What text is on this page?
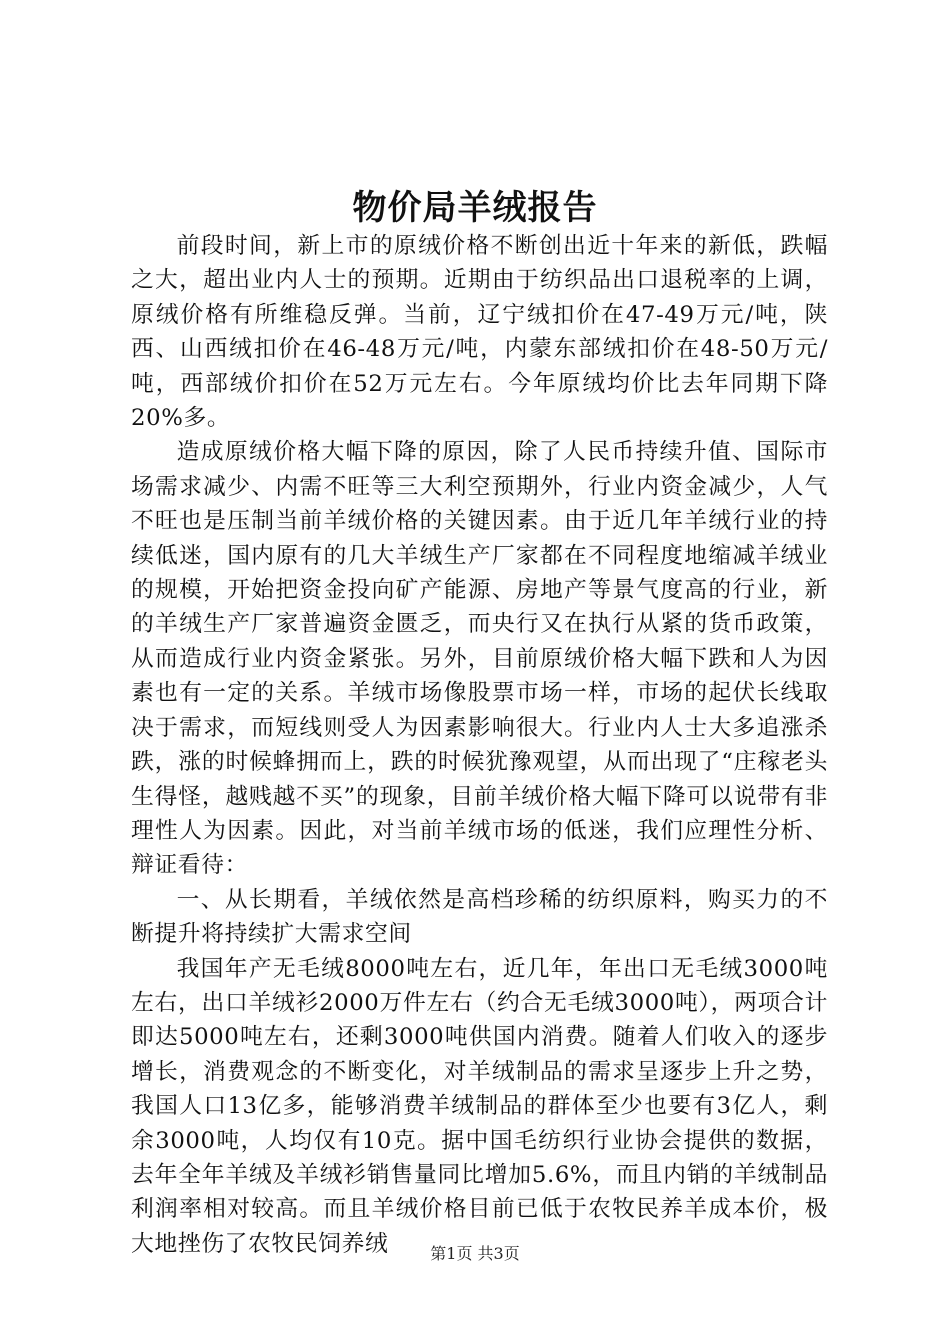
物价局羊绒报告

前段时间，新上市的原绒价格不断创出近十年来的新低，跌幅之大，超出业内人士的预期。近期由于纺织品出口退税率的上调，原绒价格有所维稳反弹。当前，辽宁绒扣价在47-49万元/吨，陕西、山西绒扣价在46-48万元/吨，内蒙东部绒扣价在48-50万元/吨，西部绒价扣价在52万元左右。今年原绒均价比去年同期下降20%多。

造成原绒价格大幅下降的原因，除了人民币持续升值、国际市场需求减少、内需不旺等三大利空预期外，行业内资金减少，人气不旺也是压制当前羊绒价格的关键因素。由于近几年羊绒行业的持续低迷，国内原有的几大羊绒生产厂家都在不同程度地缩减羊绒业的规模，开始把资金投向矿产能源、房地产等景气度高的行业，新的羊绒生产厂家普遍资金匮乏，而央行又在执行从紧的货币政策，从而造成行业内资金紧张。另外，目前原绒价格大幅下跌和人为因素也有一定的关系。羊绒市场像股票市场一样，市场的起伏长线取决于需求，而短线则受人为因素影响很大。行业内人士大多追涨杀跌，涨的时候蜂拥而上，跌的时候犹豫观望，从而出现了“庄稼老头生得怪，越贱越不买”的现象，目前羊绒价格大幅下降可以说带有非理性人为因素。因此，对当前羊绒市场的低迷，我们应理性分析、辩证看待：

一、从长期看，羊绒依然是高档珍稀的纺织原料，购买力的不断提升将持续扩大需求空间

我国年产无毛绒8000吨左右，近几年，年出口无毛绒3000吨左右，出口羊绒衫2000万件左右（约合无毛绒3000吨），两项合计即达5000吨左右，还剩3000吨供国内消费。随着人们收入的逐步增长，消费观念的不断变化，对羊绒制品的需求呈逐步上升之势，我国人口13亿多，能够消费羊绒制品的群体至少也要有3亿人，剩余3000吨，人均仅有10克。据中国毛纺织行业协会提供的数据，去年全年羊绒及羊绒衫销售量同比增加5.6%，而且内销的羊绒制品利润率相对较高。而且羊绒价格目前已低于农牧民养羊成本价，极大地挫伤了农牧民饲养绒	第1页 共3页
